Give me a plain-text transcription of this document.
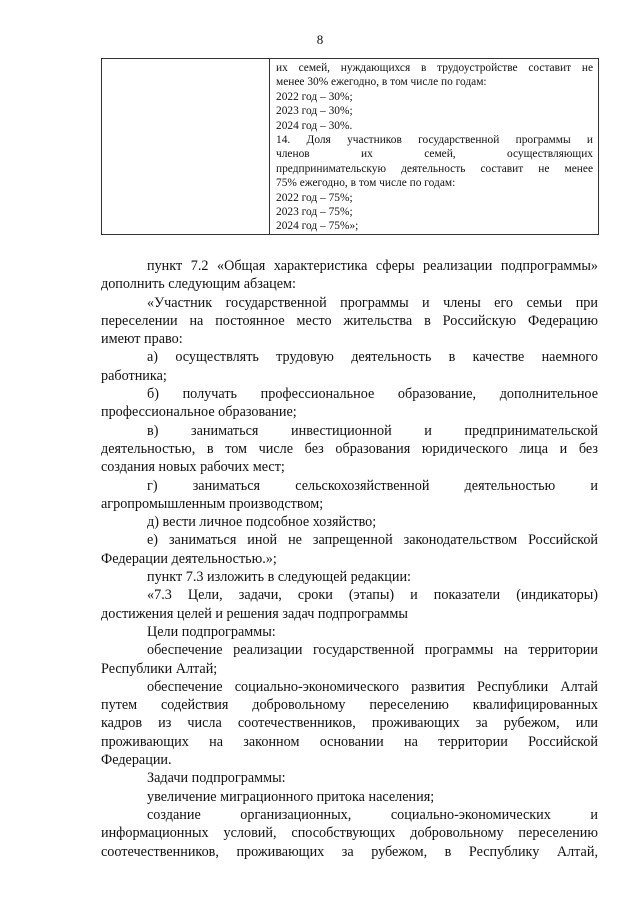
8

их семей, нуждающихся в трудоустройстве составит не
менее 30% ежегодно, в том числе по годам:
2022 год – 30%;
2023 год – 30%;
2024 год – 30%.
14. Доля участников государственной программы и
членов их семей, осуществляющих
предпринимательскую деятельность составит не менее
75% ежегодно, в том числе по годам:
2022 год – 75%;
2023 год – 75%;
2024 год – 75%»;
пункт 7.2 «Общая характеристика сферы реализации подпрограммы»
дополнить следующим абзацем:
«Участник государственной программы и члены его семьи при
переселении на постоянное место жительства в Российскую Федерацию
имеют право:
а) осуществлять трудовую деятельность в качестве наемного
работника;
б) получать профессиональное образование, дополнительное
профессиональное образование;
в) заниматься инвестиционной и предпринимательской
деятельностью, в том числе без образования юридического лица и без
создания новых рабочих мест;
г) заниматься сельскохозяйственной деятельностью и
агропромышленным производством;
д) вести личное подсобное хозяйство;
е) заниматься иной не запрещенной законодательством Российской
Федерации деятельностью.»;
пункт 7.3 изложить в следующей редакции:
«7.3 Цели, задачи, сроки (этапы) и показатели (индикаторы)
достижения целей и решения задач подпрограммы
Цели подпрограммы:
обеспечение реализации государственной программы на территории
Республики Алтай;
обеспечение социально-экономического развития Республики Алтай
путем содействия добровольному переселению квалифицированных
кадров из числа соотечественников, проживающих за рубежом, или
проживающих на законном основании на территории Российской
Федерации.
Задачи подпрограммы:
увеличение миграционного притока населения;
создание организационных, социально-экономических и
информационных условий, способствующих добровольному переселению
соотечественников, проживающих за рубежом, в Республику Алтай,
